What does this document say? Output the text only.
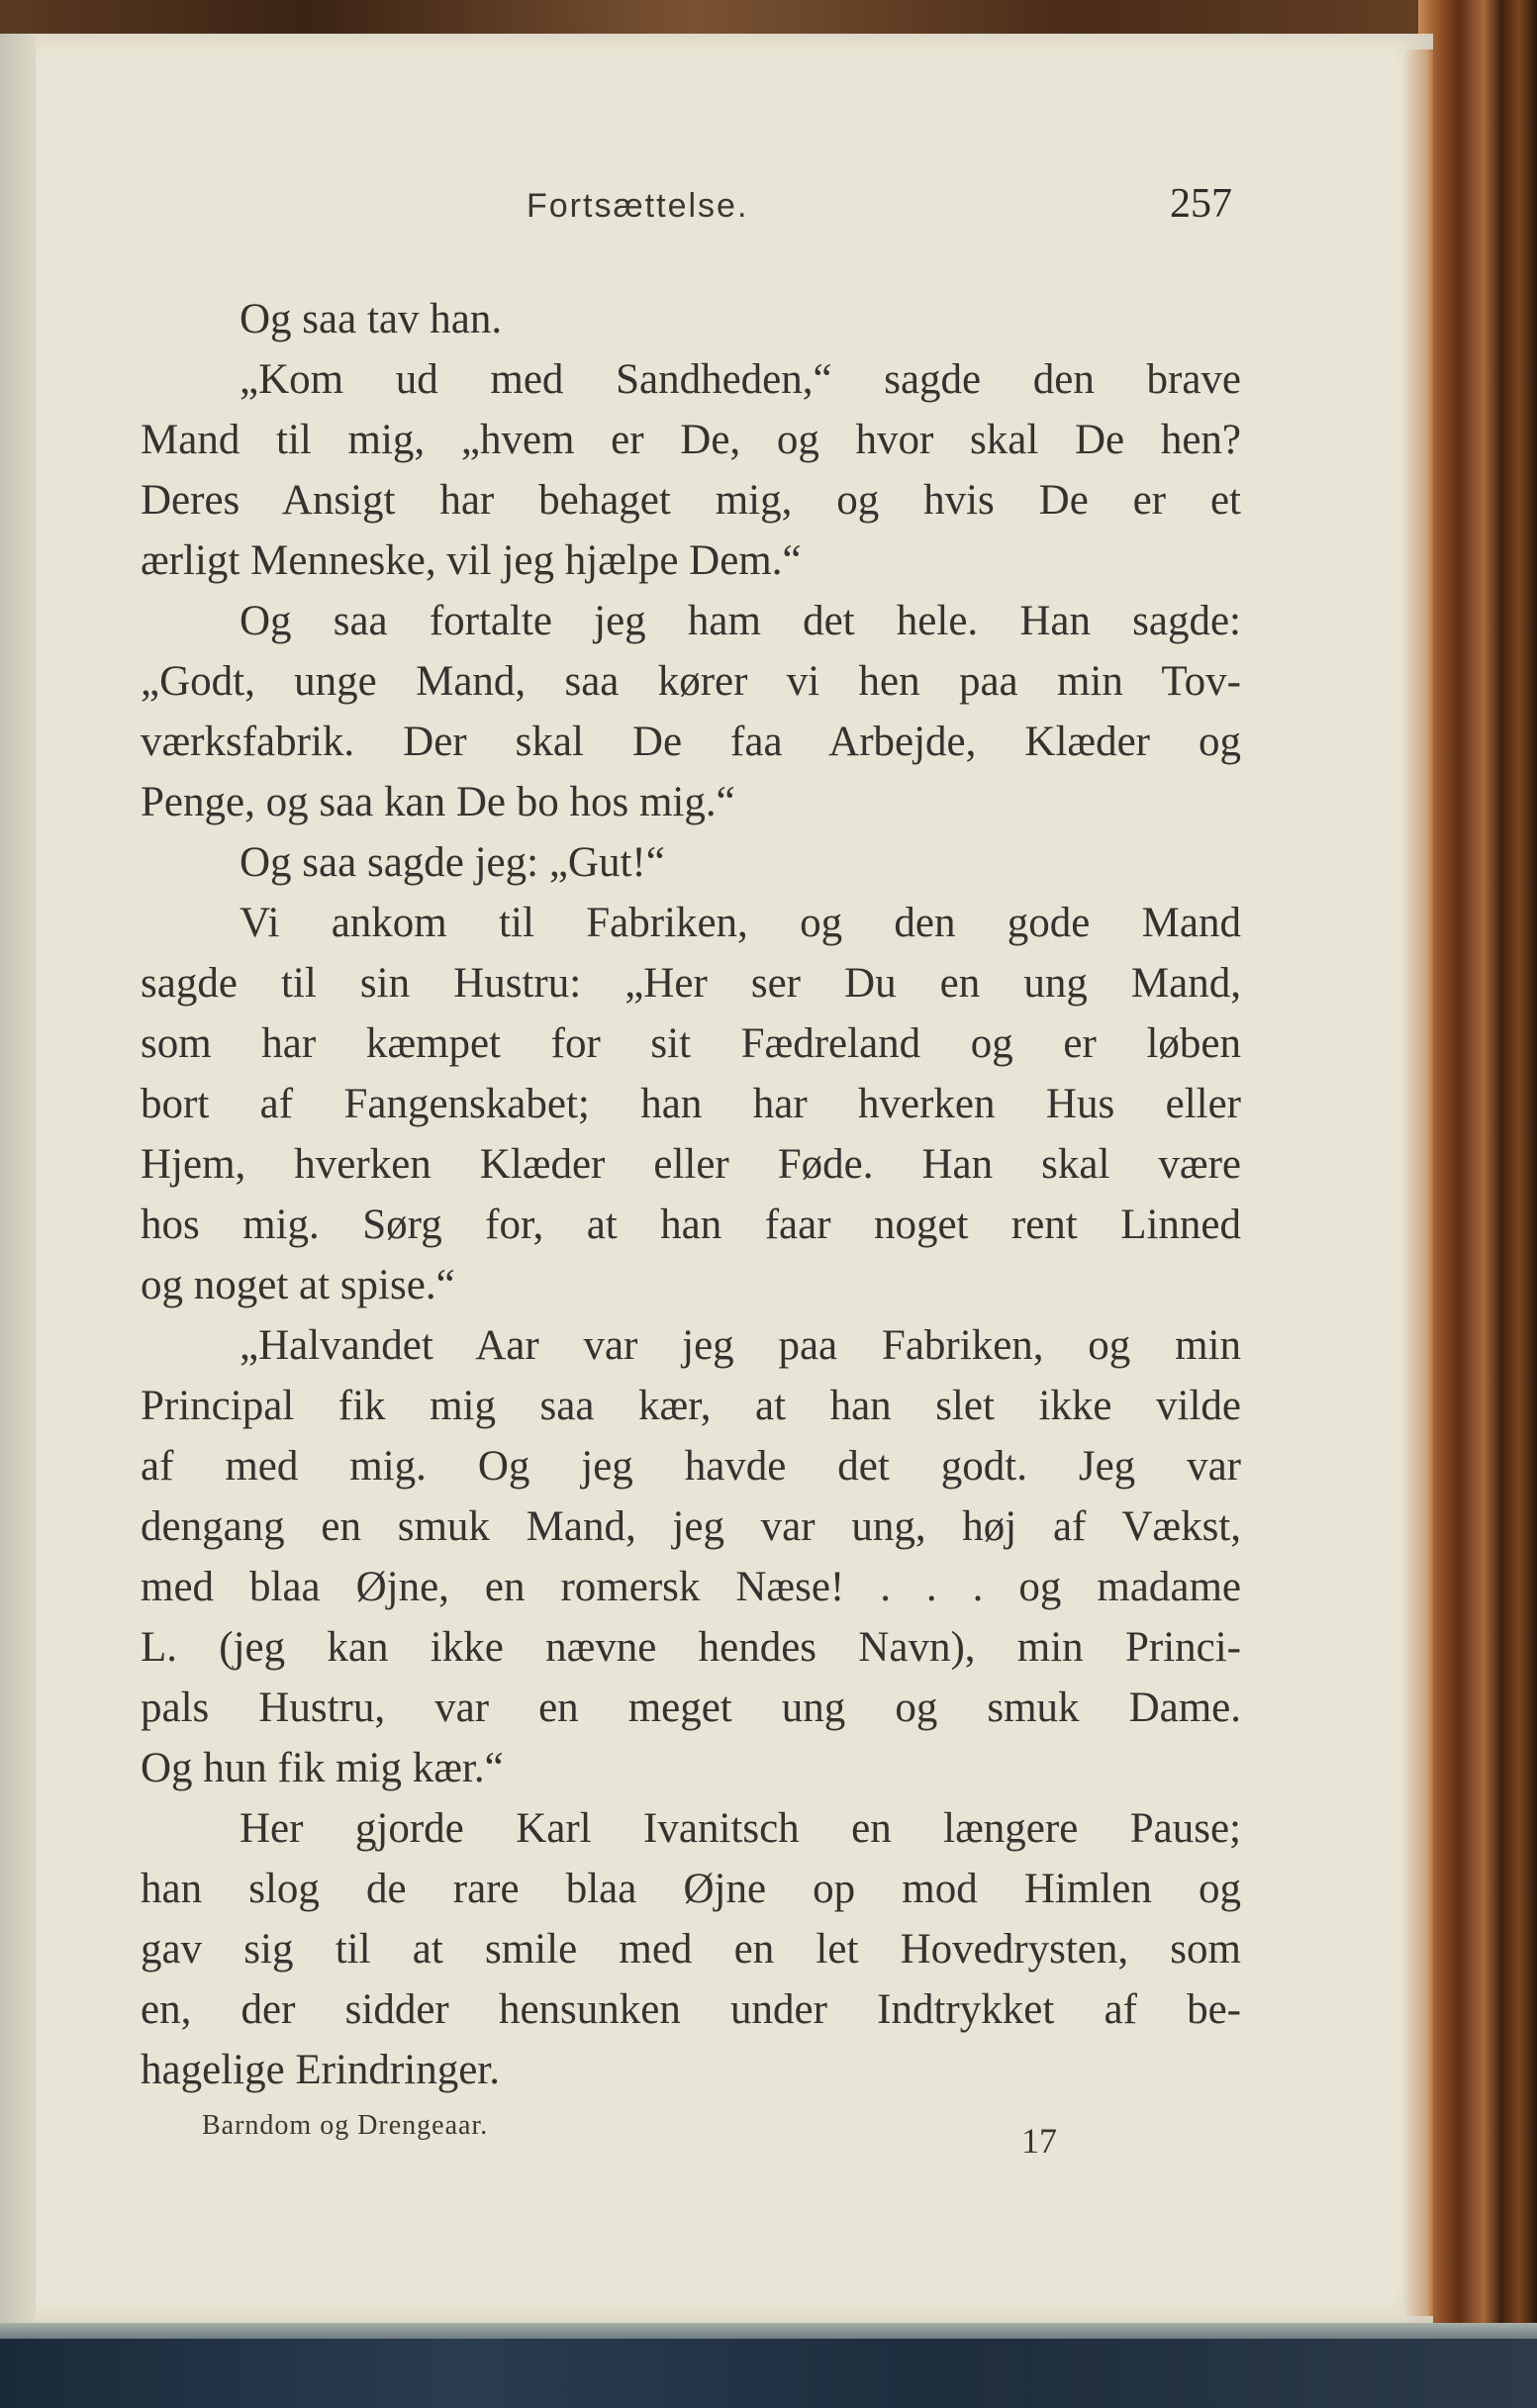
Fortsættelse.	257
Og saa tav han.
„Kom ud med Sandheden,“ sagde den brave
Mand til mig, „hvem er De, og hvor skal De hen?
Deres Ansigt har behaget mig, og hvis De er et
ærligt Menneske, vil jeg hjælpe Dem.“
Og saa fortalte jeg ham det hele. Han sagde:
„Godt, unge Mand, saa kører vi hen paa min Tov-
værksfabrik. Der skal De faa Arbejde, Klæder og
Penge, og saa kan De bo hos mig.“
Og saa sagde jeg: „Gut!“
Vi ankom til Fabriken, og den gode Mand
sagde til sin Hustru: „Her ser Du en ung Mand,
som har kæmpet for sit Fædreland og er løben
bort af Fangenskabet; han har hverken Hus eller
Hjem, hverken Klæder eller Føde. Han skal være
hos mig. Sørg for, at han faar noget rent Linned
og noget at spise.“
„Halvandet Aar var jeg paa Fabriken, og min
Principal fik mig saa kær, at han slet ikke vilde
af med mig. Og jeg havde det godt. Jeg var
dengang en smuk Mand, jeg var ung, høj af Vækst,
med blaa Øjne, en romersk Næse! . . . og madame
L. (jeg kan ikke nævne hendes Navn), min Princi-
pals Hustru, var en meget ung og smuk Dame.
Og hun fik mig kær.“
Her gjorde Karl Ivanitsch en længere Pause;
han slog de rare blaa Øjne op mod Himlen og
gav sig til at smile med en let Hovedrysten, som
en, der sidder hensunken under Indtrykket af be-
hagelige Erindringer.
Barndom og Drengeaar.	17
